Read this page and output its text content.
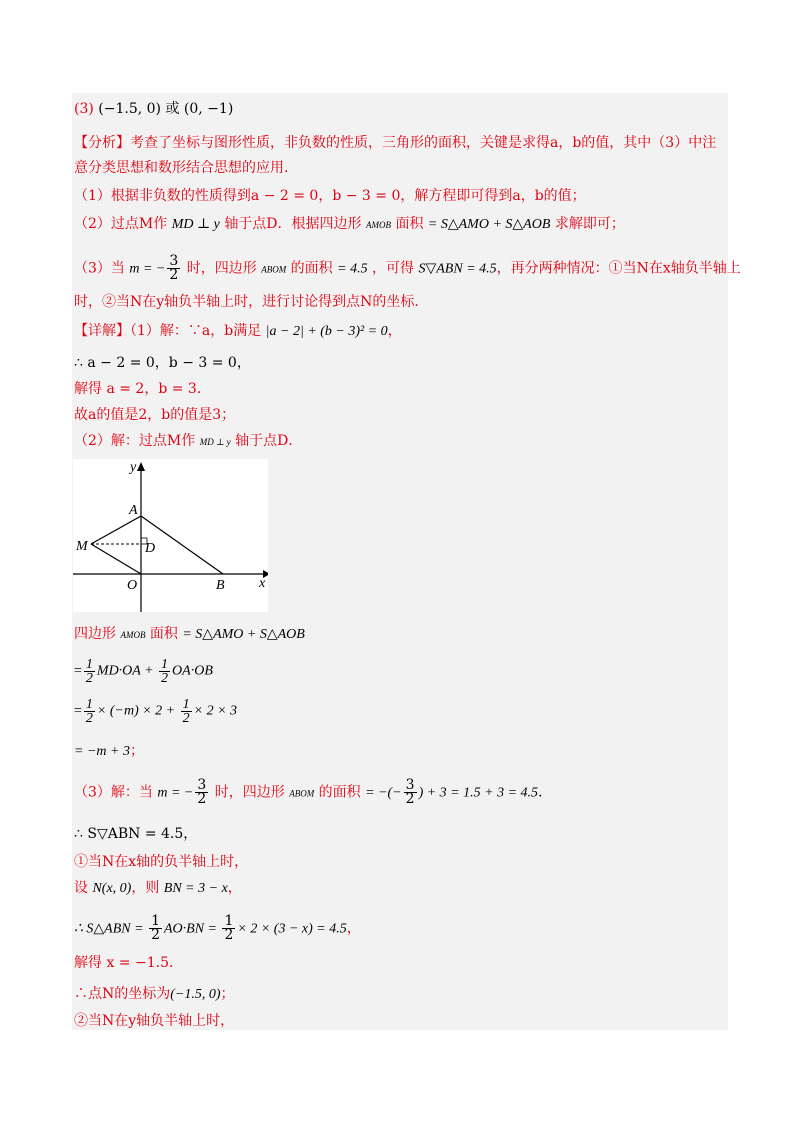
(3) (−1.5, 0) 或 (0, −1)
【分析】考查了坐标与图形性质，非负数的性质，三角形的面积，关键是求得a，b的值，其中（3）中注
意分类思想和数形结合思想的应用.
（1）根据非负数的性质得到a − 2 = 0，b − 3 = 0，解方程即可得到a，b的值；
（2）过点M作 MD ⊥ y 轴于点D．根据四边形 AMOB 面积 = S△AMO + S△AOB 求解即可；
（3）当 m = − $\frac{3}{2}$ 时，四边形 ABOM 的面积 = 4.5 ，可得 S▽ABN = 4.5，再分两种情况：①当N在x轴负半轴上
时，②当N在y轴负半轴上时，进行讨论得到点N的坐标.
【详解】（1）解：∵a，b满足 |a − 2| + (b − 3)² = 0，
∴ a − 2 = 0，b − 3 = 0，
解得 a = 2，b = 3．
故a的值是2，b的值是3；
（2）解：过点M作 MD ⊥ y 轴于点D．
y
x
A
M	D
O	B
四边形 AMOB 面积 = S△AMO + S△AOB
= $\frac{1}{2} MD\cdot OA + \frac{1}{2} OA\cdot OB$
= $\frac{1}{2} \times (-m) \times 2 + \frac{1}{2} \times 2 \times 3$
= −m + 3；
（3）解：当 m = − $\frac{3}{2}$ 时，四边形 ABOM 的面积 = −(− $\frac{3}{2}$ ) + 3 = 1.5 + 3 = 4.5.
∴ S▽ABN = 4.5，
①当N在x轴的负半轴上时，
设 N(x, 0)，则 BN = 3 − x，
∴ S△ABN = $\frac{1}{2} AO\cdot BN = \frac{1}{2} \times 2 \times (3 - x) = 4.5$，
解得 x = −1.5．
∴点N的坐标为(−1.5, 0)；
②当N在y轴负半轴上时，
